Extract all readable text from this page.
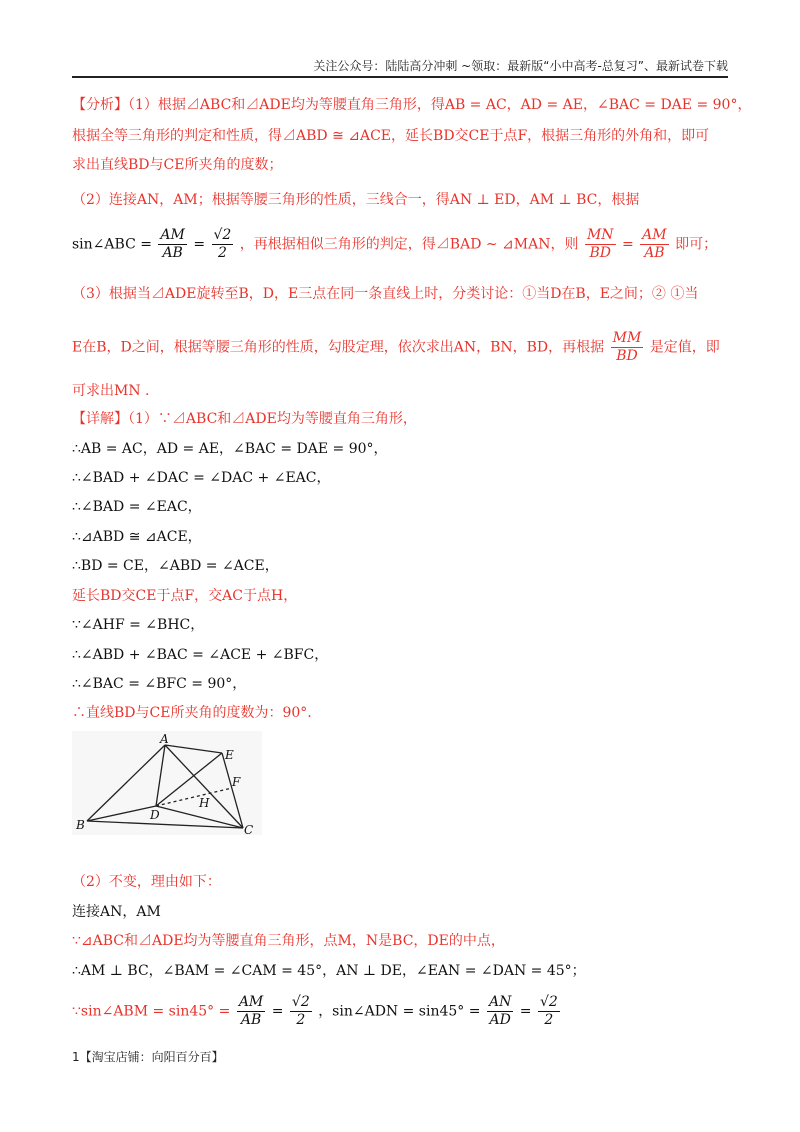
关注公众号：陆陆高分冲刺 ~领取：最新版“小中高考-总复习”、最新试卷下载
【分析】（1）根据⊿ABC和⊿ADE均为等腰直角三角形，得AB = AC，AD = AE，∠BAC = DAE = 90°，
根据全等三角形的判定和性质，得⊿ABD ≅ ⊿ACE，延长BD交CE于点F，根据三角形的外角和，即可
求出直线BD与CE所夹角的度数；
（2）连接AN，AM；根据等腰三角形的性质，三线合一，得AN ⊥ ED，AM ⊥ BC，根据
sin∠ABC = $\frac{AM}{AB} = \frac{√2}{2}$ ，再根据相似三角形的判定，得⊿BAD ∼ ⊿MAN，则 $\frac{MN}{BD} = \frac{AM}{AB}$ 即可；
（3）根据当⊿ADE旋转至B，D，E三点在同一条直线上时，分类讨论：①当D在B，E之间；② ①当
E在B，D之间，根据等腰三角形的性质，勾股定理，依次求出AN，BN，BD，再根据 $\frac{MM}{BD}$ 是定值，即
可求出MN .
【详解】（1）∵⊿ABC和⊿ADE均为等腰直角三角形，
∴AB = AC，AD = AE，∠BAC = DAE = 90°，
∴∠BAD + ∠DAC = ∠DAC + ∠EAC，
∴∠BAD = ∠EAC，
∴⊿ABD ≅ ⊿ACE，
∴BD = CE，∠ABD = ∠ACE，
延长BD交CE于点F，交AC于点H，
∵∠AHF = ∠BHC，
∴∠ABD + ∠BAC = ∠ACE + ∠BFC，
∴∠BAC = ∠BFC = 90°，
∴直线BD与CE所夹角的度数为：90°.
（2）不变，理由如下：
连接AN，AM
∵⊿ABC和⊿ADE均为等腰直角三角形，点M，N是BC，DE的中点，
∴AM ⊥ BC，∠BAM = ∠CAM = 45°，AN ⊥ DE，∠EAN = ∠DAN = 45°；
∵sin∠ABM = $\sin 45^\circ = \frac{AM}{AB} = \frac{√2}{2}$ ，sin∠ADN = $\sin 45^\circ = \frac{AN}{AD} = \frac{√2}{2}$
A
B	C
D
E
F
H
1【淘宝店铺：向阳百分百】
